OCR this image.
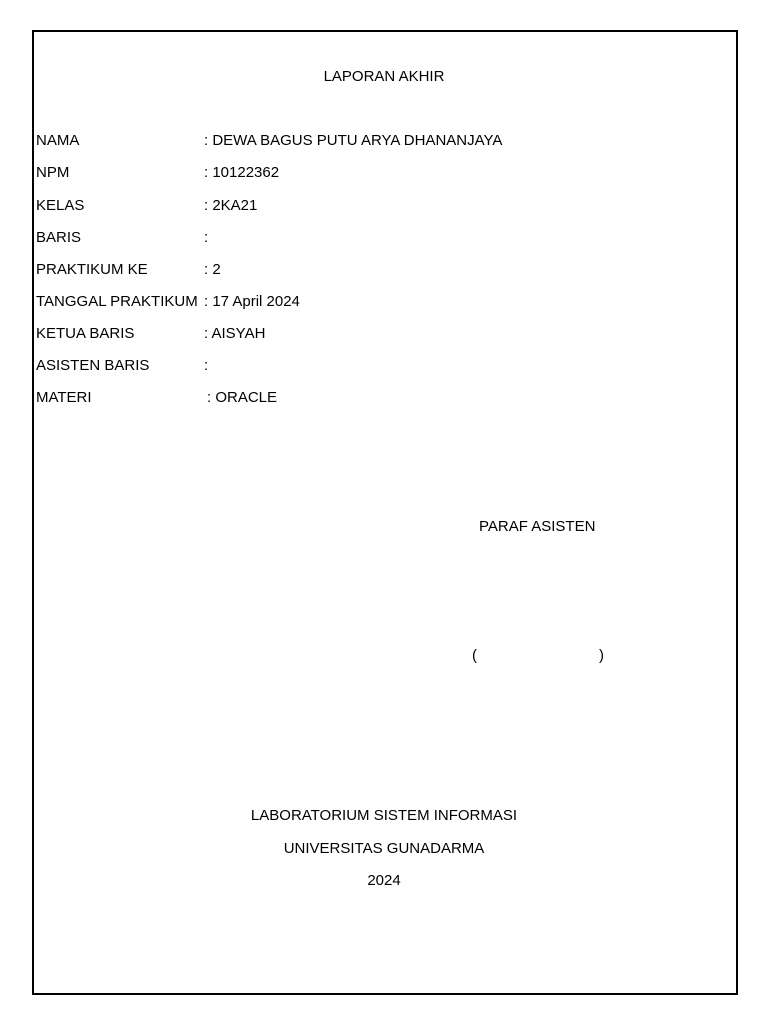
LAPORAN AKHIR
NAMA	: DEWA BAGUS PUTU ARYA DHANANJAYA
NPM	: 10122362
KELAS	: 2KA21
BARIS	:
PRAKTIKUM KE	: 2
TANGGAL PRAKTIKUM : 17 April 2024
KETUA BARIS	: AISYAH
ASISTEN BARIS	:
MATERI	: ORACLE
PARAF ASISTEN
(	)
LABORATORIUM SISTEM INFORMASI
UNIVERSITAS GUNADARMA
2024
